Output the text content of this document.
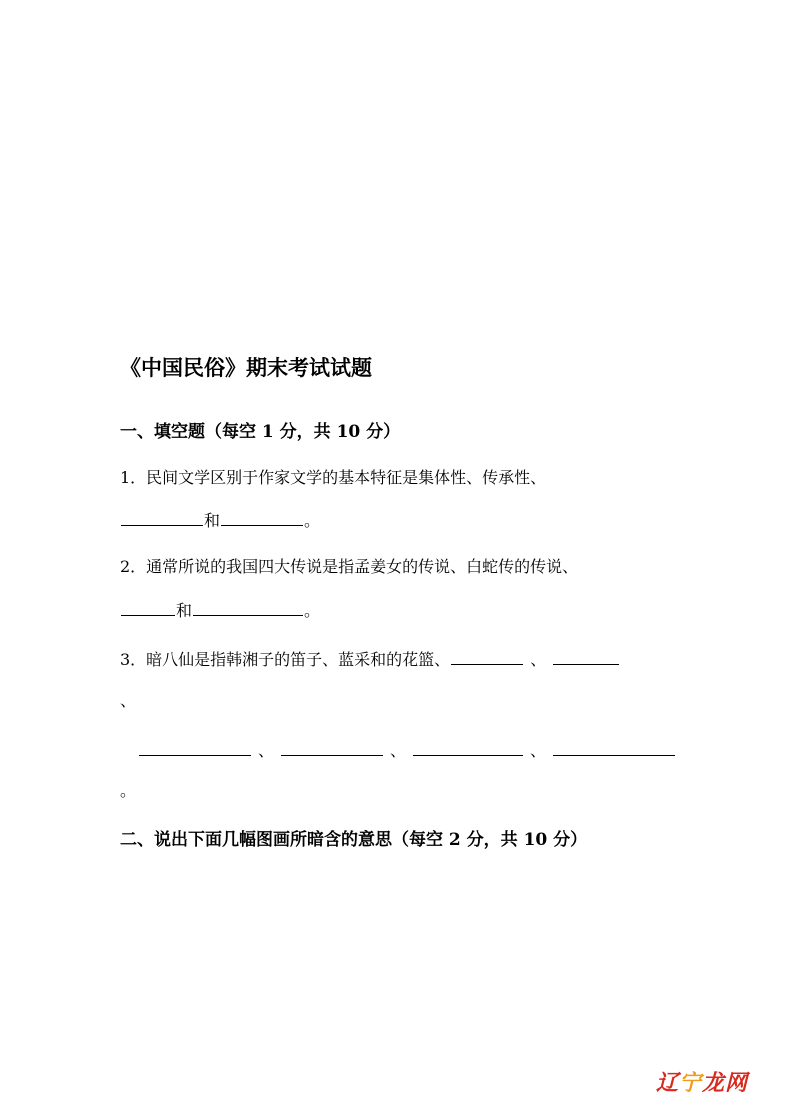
《中国民俗》期末考试试题
一、填空题（每空 1 分，共 10 分）
1．民间文学区别于作家文学的基本特征是集体性、传承性、
和	。
2．通常所说的我国四大传说是指孟姜女的传说、白蛇传的传说、
和	。
3．暗八仙是指韩湘子的笛子、蓝采和的花篮、	、
、
、	、	、
。
二、说出下面几幅图画所暗含的意思（每空 2 分，共 10 分）
辽宁龙网
